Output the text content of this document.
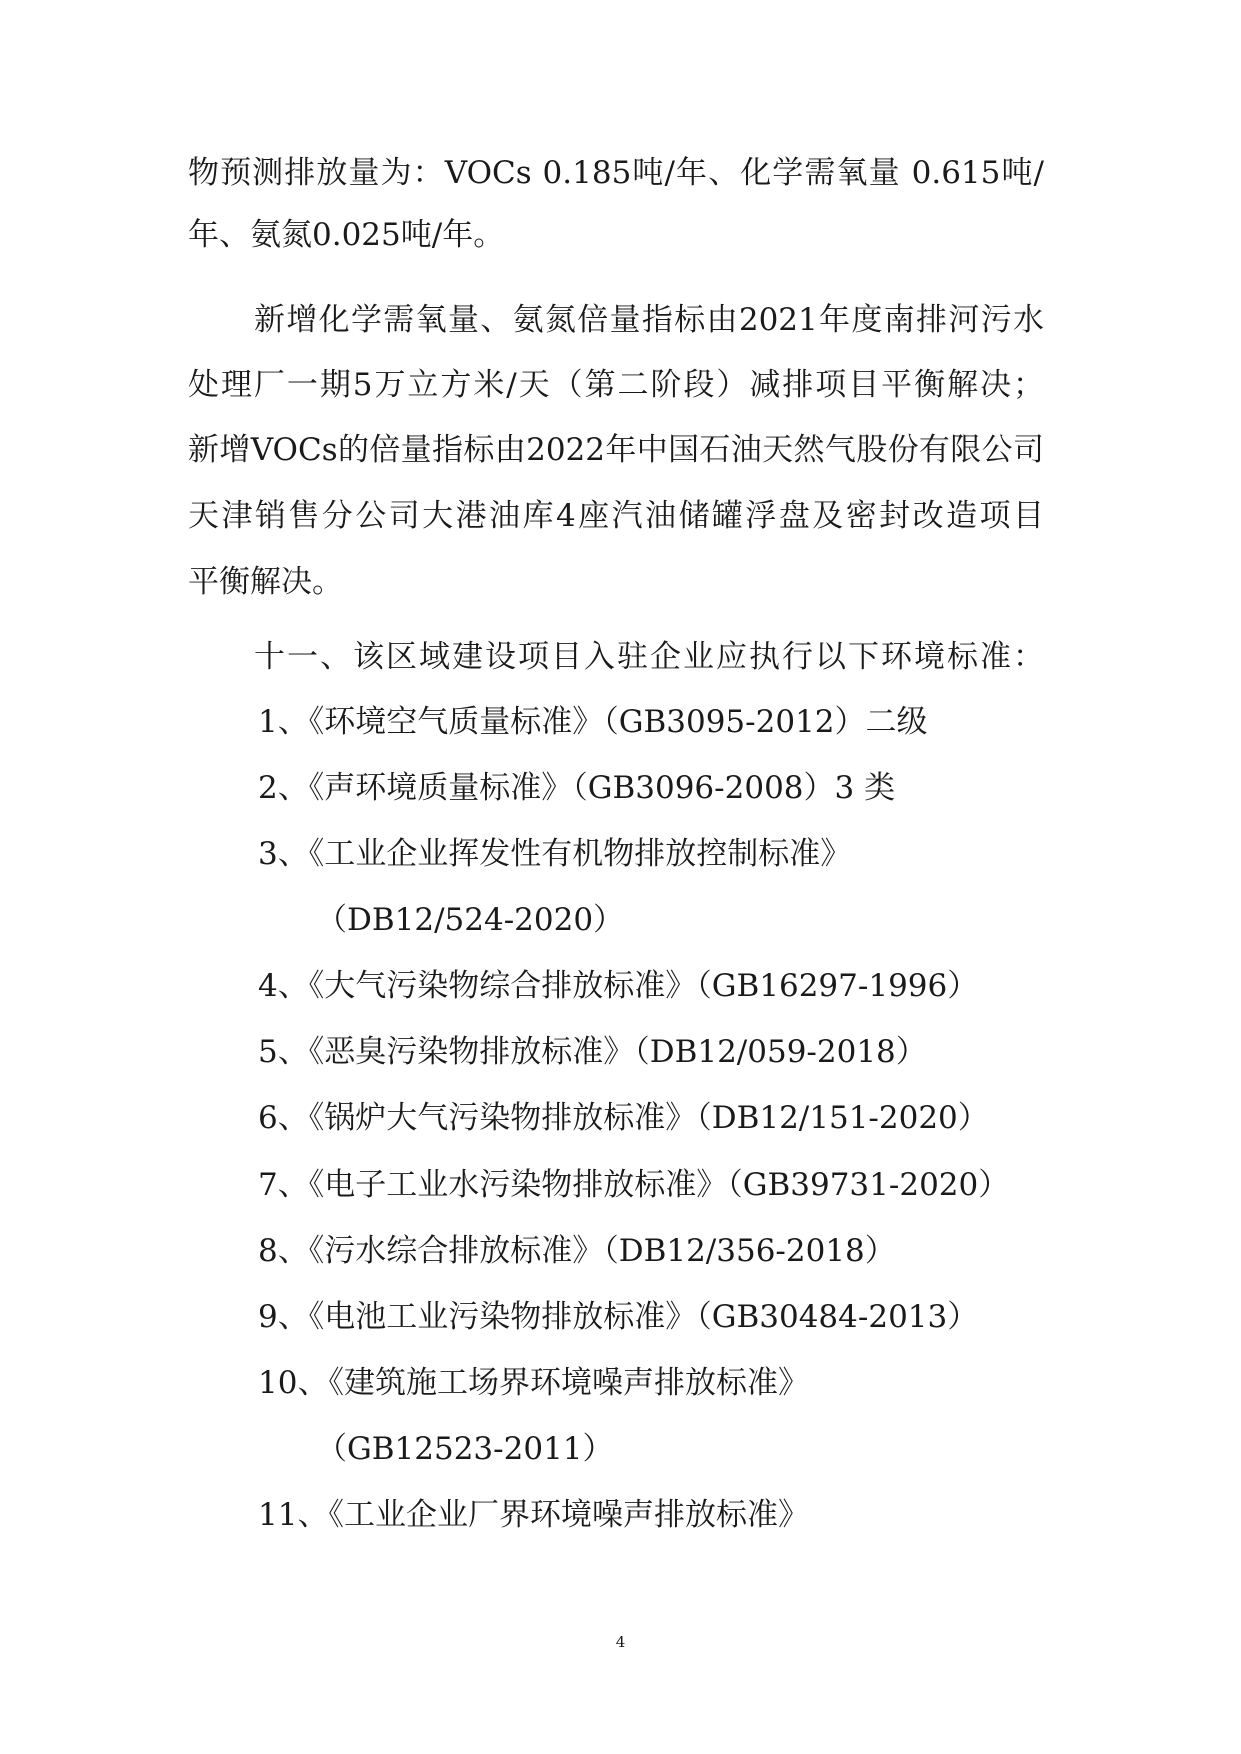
物预测排放量为：VOCs 0.185吨/年、化学需氧量 0.615吨/
年、氨氮0.025吨/年。
新增化学需氧量、氨氮倍量指标由2021年度南排河污水
处理厂一期5万立方米/天（第二阶段）减排项目平衡解决；
新增VOCs的倍量指标由2022年中国石油天然气股份有限公司
天津销售分公司大港油库4座汽油储罐浮盘及密封改造项目
平衡解决。
十一、该区域建设项目入驻企业应执行以下环境标准：
1、《环境空气质量标准》（GB3095-2012）二级
2、《声环境质量标准》（GB3096-2008）3 类
3、《工业企业挥发性有机物排放控制标准》
（DB12/524-2020）
4、《大气污染物综合排放标准》（GB16297-1996）
5、《恶臭污染物排放标准》（DB12/059-2018）
6、《锅炉大气污染物排放标准》（DB12/151-2020）
7、《电子工业水污染物排放标准》（GB39731-2020）
8、《污水综合排放标准》（DB12/356-2018）
9、《电池工业污染物排放标准》（GB30484-2013）
10、《建筑施工场界环境噪声排放标准》
（GB12523-2011）
11、《工业企业厂界环境噪声排放标准》
4
